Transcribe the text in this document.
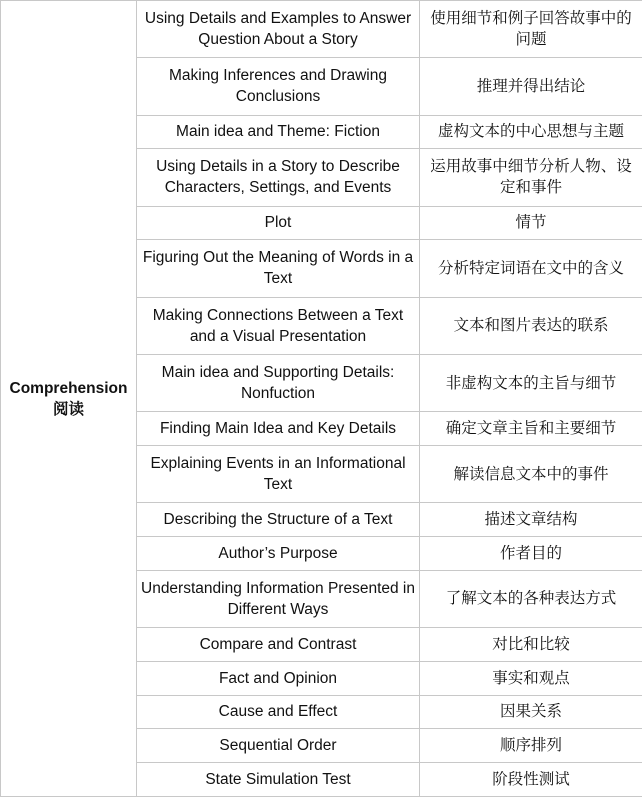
Comprehension
阅读	Using Details and Examples to Answer Question About a Story	使用细节和例子回答故事中的问题
	Making Inferences and Drawing Conclusions	推理并得出结论
	Main idea and Theme: Fiction	虚构文本的中心思想与主题
	Using Details in a Story to Describe Characters, Settings, and Events	运用故事中细节分析人物、设定和事件
	Plot	情节
	Figuring Out the Meaning of Words in a Text	分析特定词语在文中的含义
	Making Connections Between a Text and a Visual Presentation	文本和图片表达的联系
	Main idea and Supporting Details: Nonfuction	非虚构文本的主旨与细节
	Finding Main Idea and Key Details	确定文章主旨和主要细节
	Explaining Events in an Informational Text	解读信息文本中的事件
	Describing the Structure of a Text	描述文章结构
	Author’s Purpose	作者目的
	Understanding Information Presented in Different Ways	了解文本的各种表达方式
	Compare and Contrast	对比和比较
	Fact and Opinion	事实和观点
	Cause and Effect	因果关系
	Sequential Order	顺序排列
	State Simulation Test	阶段性测试
